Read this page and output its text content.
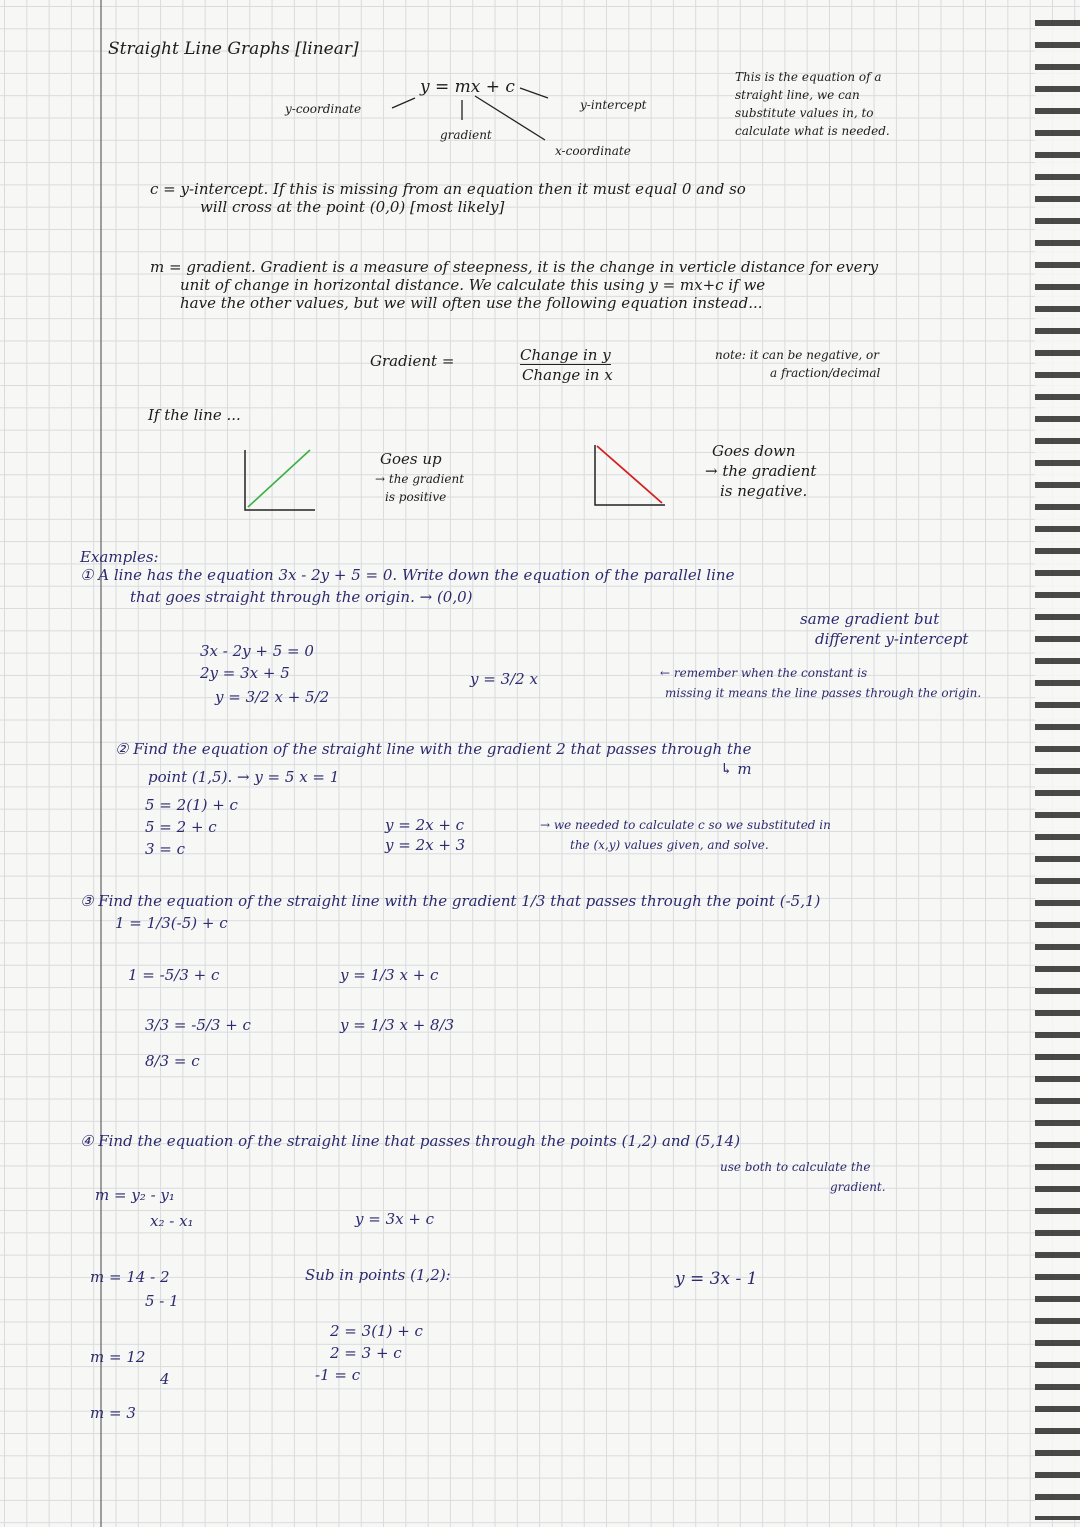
Straight Line Graphs [linear]
y = mx + c
y-coordinate
gradient
y-intercept
x-coordinate
This is the equation of a
straight line, we can
substitute values in, to
calculate what is needed.
c = y-intercept. If this is missing from an equation then it must equal 0 and so
will cross at the point (0,0) [most likely]
m = gradient. Gradient is a measure of steepness, it is the change in verticle distance for every
unit of change in horizontal distance. We calculate this using y = mx+c if we
have the other values, but we will often use the following equation instead...
Gradient =	Change in y
Change in x
note: it can be negative, or
a fraction/decimal
If the line ...
Goes up
→ the gradient
is positive
Goes down
→ the gradient
is negative.
Examples:
① A line has the equation 3x - 2y + 5 = 0. Write down the equation of the parallel line
that goes straight through the origin. → (0,0)
3x - 2y + 5 = 0
2y = 3x + 5
y = 3/2 x + 5/2
y = 3/2 x
same gradient but
different y-intercept
← remember when the constant is
missing it means the line passes through the origin.
② Find the equation of the straight line with the gradient 2 that passes through the
point (1,5). → y = 5 x = 1	↳ m
5 = 2(1) + c
5 = 2 + c
3 = c
y = 2x + c
y = 2x + 3
→ we needed to calculate c so we substituted in
the (x,y) values given, and solve.
③ Find the equation of the straight line with the gradient 1/3 that passes through the point (-5,1)
1 = 1/3(-5) + c
1 = -5/3 + c
3/3 = -5/3 + c
8/3 = c
y = 1/3 x + c
y = 1/3 x + 8/3
④ Find the equation of the straight line that passes through the points (1,2) and (5,14)
use both to calculate the
gradient.
m = y₂ - y₁
x₂ - x₁
m = 14 - 2
5 - 1
m = 12
4
m = 3
y = 3x + c
Sub in points (1,2):
2 = 3(1) + c
2 = 3 + c
-1 = c
y = 3x - 1
